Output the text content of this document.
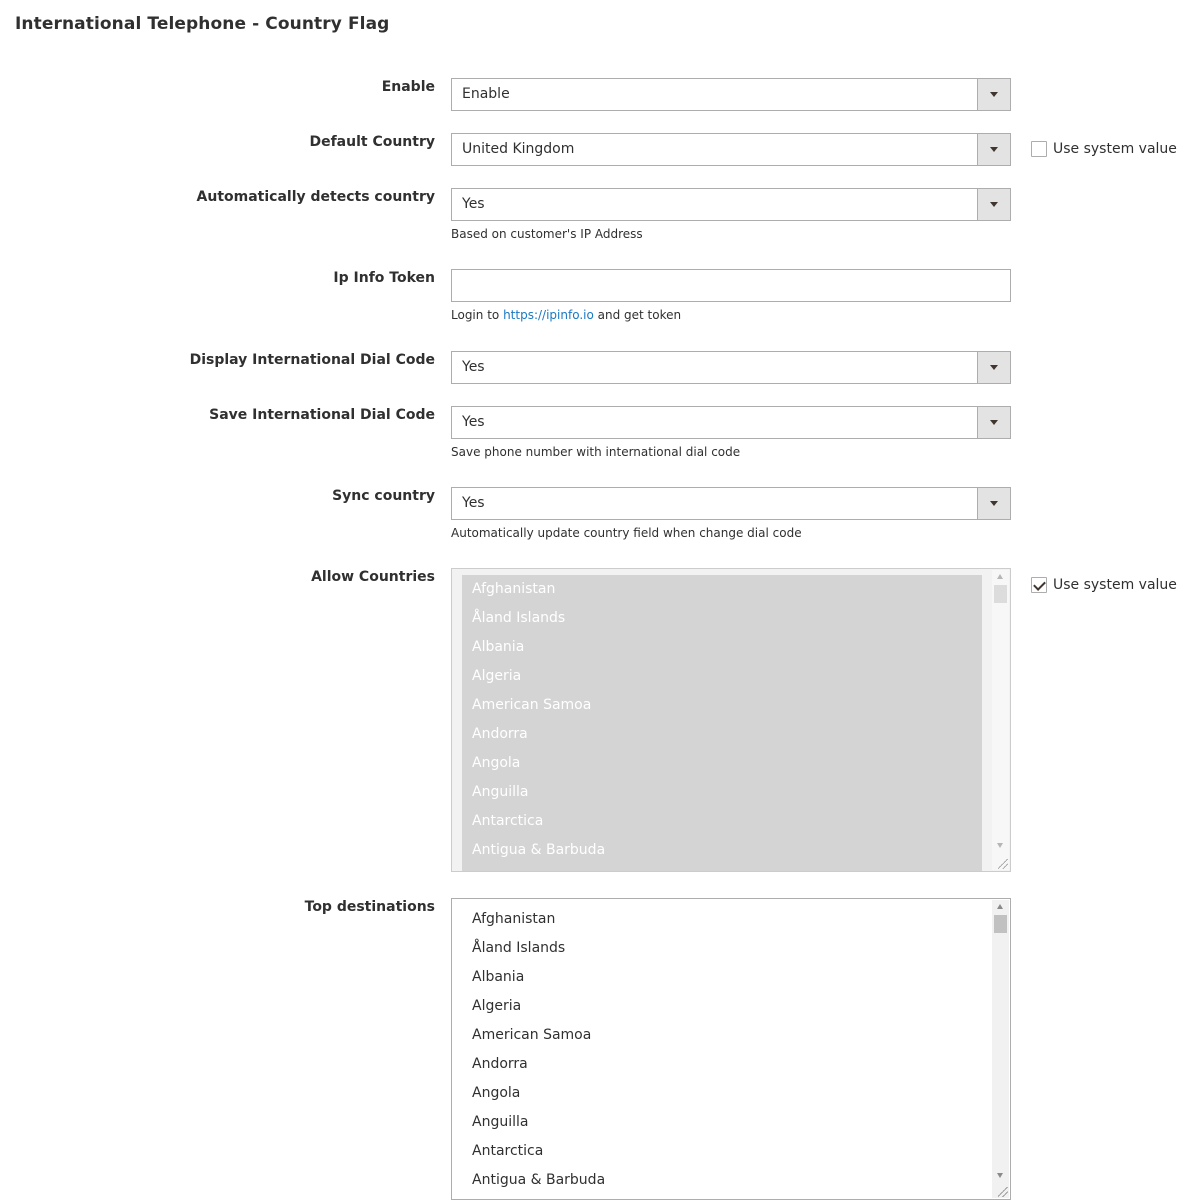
International Telephone - Country Flag
Enable Enable
Default Country United Kingdom	Use system value
Automatically detects country Yes
Based on customer's IP Address
Ip Info Token
Login to https://ipinfo.io and get token
Display International Dial Code Yes
Save International Dial Code Yes
Save phone number with international dial code
Sync country Yes
Automatically update country field when change dial code
Allow Countries
Afghanistan
Åland Islands
Albania
Algeria
American Samoa
Andorra
Angola
Anguilla
Antarctica
Antigua & Barbuda
Use system value
Top destinations
Afghanistan
Åland Islands
Albania
Algeria
American Samoa
Andorra
Angola
Anguilla
Antarctica
Antigua & Barbuda
